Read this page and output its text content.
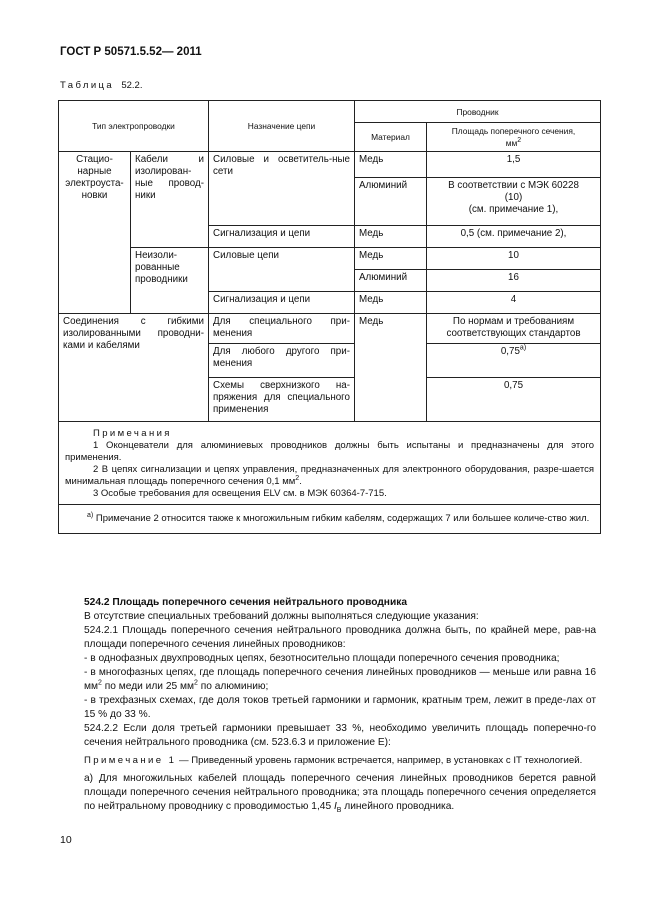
ГОСТ Р 50571.5.52— 2011
Таблица 52.2.
Тип электропроводки		Назначение цепи	Проводник	
			Материал	Площадь поперечного сечения,
$мм^2$
Стацио-нарные электроуста-новки	Кабели и изолирован-ные провод-ники	Силовые и осветитель-ные сети	Медь	1,5
			Алюминий	В соответствии с МЭК 60228
(10)
(см. примечание 1),
		Сигнализация и цепи	Медь	0,5 (см. примечание 2),
	Неизоли-рованные проводники	Силовые цепи	Медь	10
			Алюминий	16
		Сигнализация и цепи	Медь	4
Соединения с гибкими изолированными проводни-ками и кабелями		Для специального при-менения	Медь	По нормам и требованиям соответствующих стандартов
		Для любого другого при-менения		$0,75^{а)}$
		Схемы сверхнизкого на-пряжения для специального применения		0,75

Примечания

1 Оконцеватели для алюминиевых проводников должны быть испытаны и предназначены для этого применения.

2 В цепях сигнализации и цепях управления, предназначенных для электронного оборудования, разре-шается минимальная площадь поперечного сечения 0,1 $мм^2$.

3 Особые требования для освещения ELV см. в МЭК 60364-7-715.				

$^{а)}$ Примечание 2 относится также к многожильным гибким кабелям, содержащих 7 или большее количе-ство жил.				

524.2 Площадь поперечного сечения нейтрального проводника

В отсутствие специальных требований должны выполняться следующие указания:

524.2.1 Площадь поперечного сечения нейтрального проводника должна быть, по крайней мере, рав-на площади поперечного сечения линейных проводников:

- в однофазных двухпроводных цепях, безотносительно площади поперечного сечения проводника;

- в многофазных цепях, где площадь поперечного сечения линейных проводников — меньше или равна 16 $мм^2$ по меди или 25 $мм^2$ по алюминию;

- в трехфазных схемах, где доля токов третьей гармоники и гармоник, кратным трем, лежит в преде-лах от 15 % до 33 %.

524.2.2 Если доля третьей гармоники превышает 33 %, необходимо увеличить площадь поперечно-го сечения нейтрального проводника (см. 523.6.3 и приложение Е):

Примечание 1 — Приведенный уровень гармоник встречается, например, в установках с IT технологией.

а) Для многожильных кабелей площадь поперечного сечения линейных проводников берется равной площади поперечного сечения нейтрального проводника; эта площадь поперечного сечения определяется по нейтральному проводнику с проводимостью 1,45 $I_B$ линейного проводника.

10
